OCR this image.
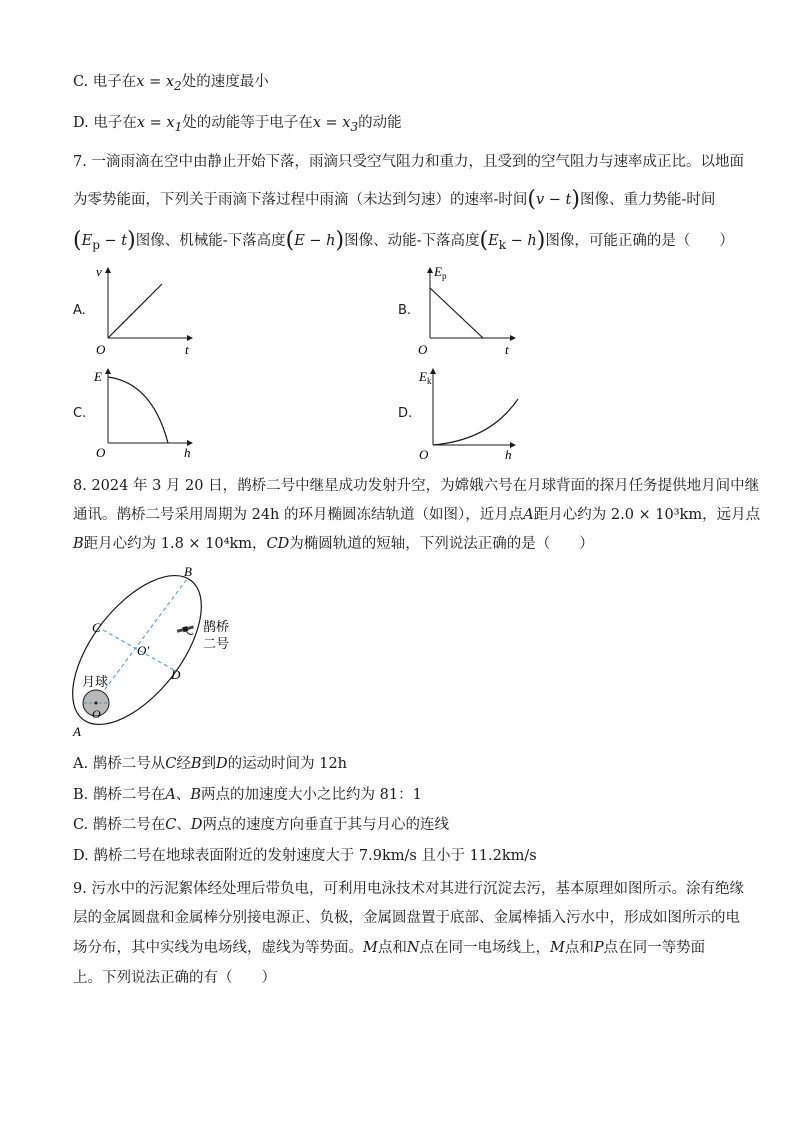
C. 电子在$x = x_2$处的速度最小
D. 电子在$x = x_1$处的动能等于电子在$x = x_3$的动能
7. 一滴雨滴在空中由静止开始下落，雨滴只受空气阻力和重力，且受到的空气阻力与速率成正比。以地面
为零势能面，下列关于雨滴下落过程中雨滴（未达到匀速）的速率-时间(v − t)图像、重力势能-时间
$(E_p - t)$图像、机械能-下落高度(E − h)图像、动能-下落高度$(E_k - h)$图像，可能正确的是（　　）
A.	B.
C.	D.
v
O	t
$E_p$
O	t
E
O	h
$E_k$
O	h
8. 2024 年 3 月 20 日，鹊桥二号中继星成功发射升空，为嫦娥六号在月球背面的探月任务提供地月间中继
通讯。鹊桥二号采用周期为 24h 的环月椭圆冻结轨道（如图），近月点A距月心约为 2.0 × 10³km，远月点
B距月心约为 1.8 × 10⁴km，CD为椭圆轨道的短轴，下列说法正确的是（　　）
B
C
D
O′
O
A
月球
鹊桥
二号
A. 鹊桥二号从C经B到D的运动时间为 12h
B. 鹊桥二号在A、B两点的加速度大小之比约为 81：1
C. 鹊桥二号在C、D两点的速度方向垂直于其与月心的连线
D. 鹊桥二号在地球表面附近的发射速度大于 7.9km/s 且小于 11.2km/s
9. 污水中的污泥絮体经处理后带负电，可利用电泳技术对其进行沉淀去污，基本原理如图所示。涂有绝缘
层的金属圆盘和金属棒分别接电源正、负极，金属圆盘置于底部、金属棒插入污水中，形成如图所示的电
场分布，其中实线为电场线，虚线为等势面。M点和N点在同一电场线上，M点和P点在同一等势面
上。下列说法正确的有（　　）
